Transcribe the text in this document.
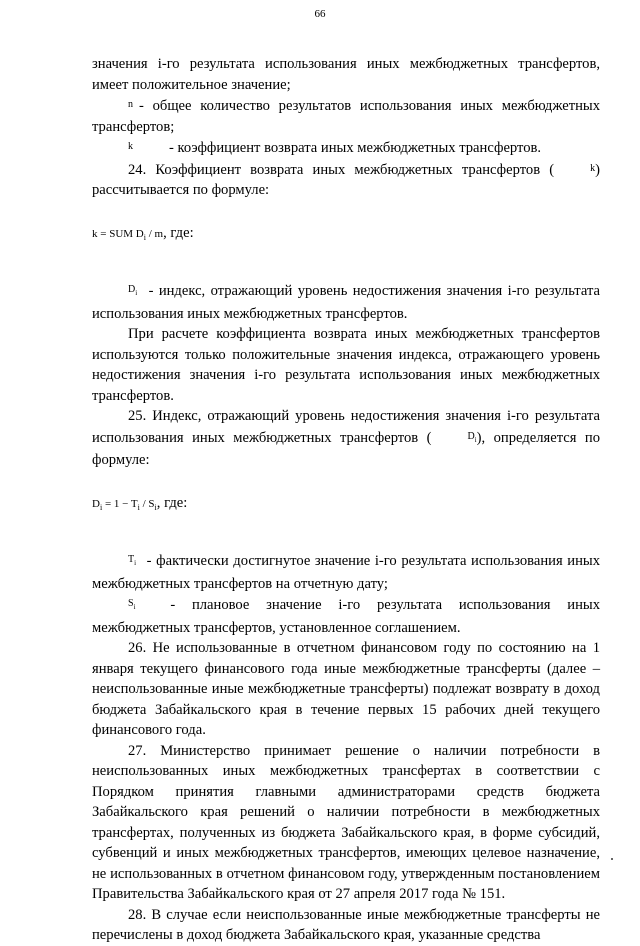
66

значения i-го результата использования иных межбюджетных трансфертов, имеет положительное значение;

n - общее количество результатов использования иных межбюджетных трансфертов;

k - коэффициент возврата иных межбюджетных трансфертов.

24. Коэффициент возврата иных межбюджетных трансфертов (	k) рассчитывается по формуле:

k = SUM $D_i$ / m, где:

$D_i$ - индекс, отражающий уровень недостижения значения i-го результата использования иных межбюджетных трансфертов.

При расчете коэффициента возврата иных межбюджетных трансфертов используются только положительные значения индекса, отражающего уровень недостижения значения i-го результата использования иных межбюджетных трансфертов.

25. Индекс, отражающий уровень недостижения значения i-го результата использования иных межбюджетных трансфертов (	$D_i$), определяется по формуле:

$D_i = 1 - T_i / S_i$, где:

$T_i$ - фактически достигнутое значение i-го результата использования иных межбюджетных трансфертов на отчетную дату;

$S_i$ - плановое значение i-го результата использования иных межбюджетных трансфертов, установленное соглашением.

26. Не использованные в отчетном финансовом году по состоянию на 1 января текущего финансового года иные межбюджетные трансферты (далее – неиспользованные иные межбюджетные трансферты) подлежат возврату в доход бюджета Забайкальского края в течение первых 15 рабочих дней текущего финансового года.

27. Министерство принимает решение о наличии потребности в неиспользованных иных межбюджетных трансфертах в соответствии с Порядком принятия главными администраторами средств бюджета Забайкальского края решений о наличии потребности в межбюджетных трансфертах, полученных из бюджета Забайкальского края, в форме субсидий, субвенций и иных межбюджетных трансфертов, имеющих целевое назначение, не использованных в отчетном финансовом году, утвержденным постановлением Правительства Забайкальского края от 27 апреля 2017 года № 151.

28. В случае если неиспользованные иные межбюджетные трансферты не перечислены в доход бюджета Забайкальского края, указанные средства
